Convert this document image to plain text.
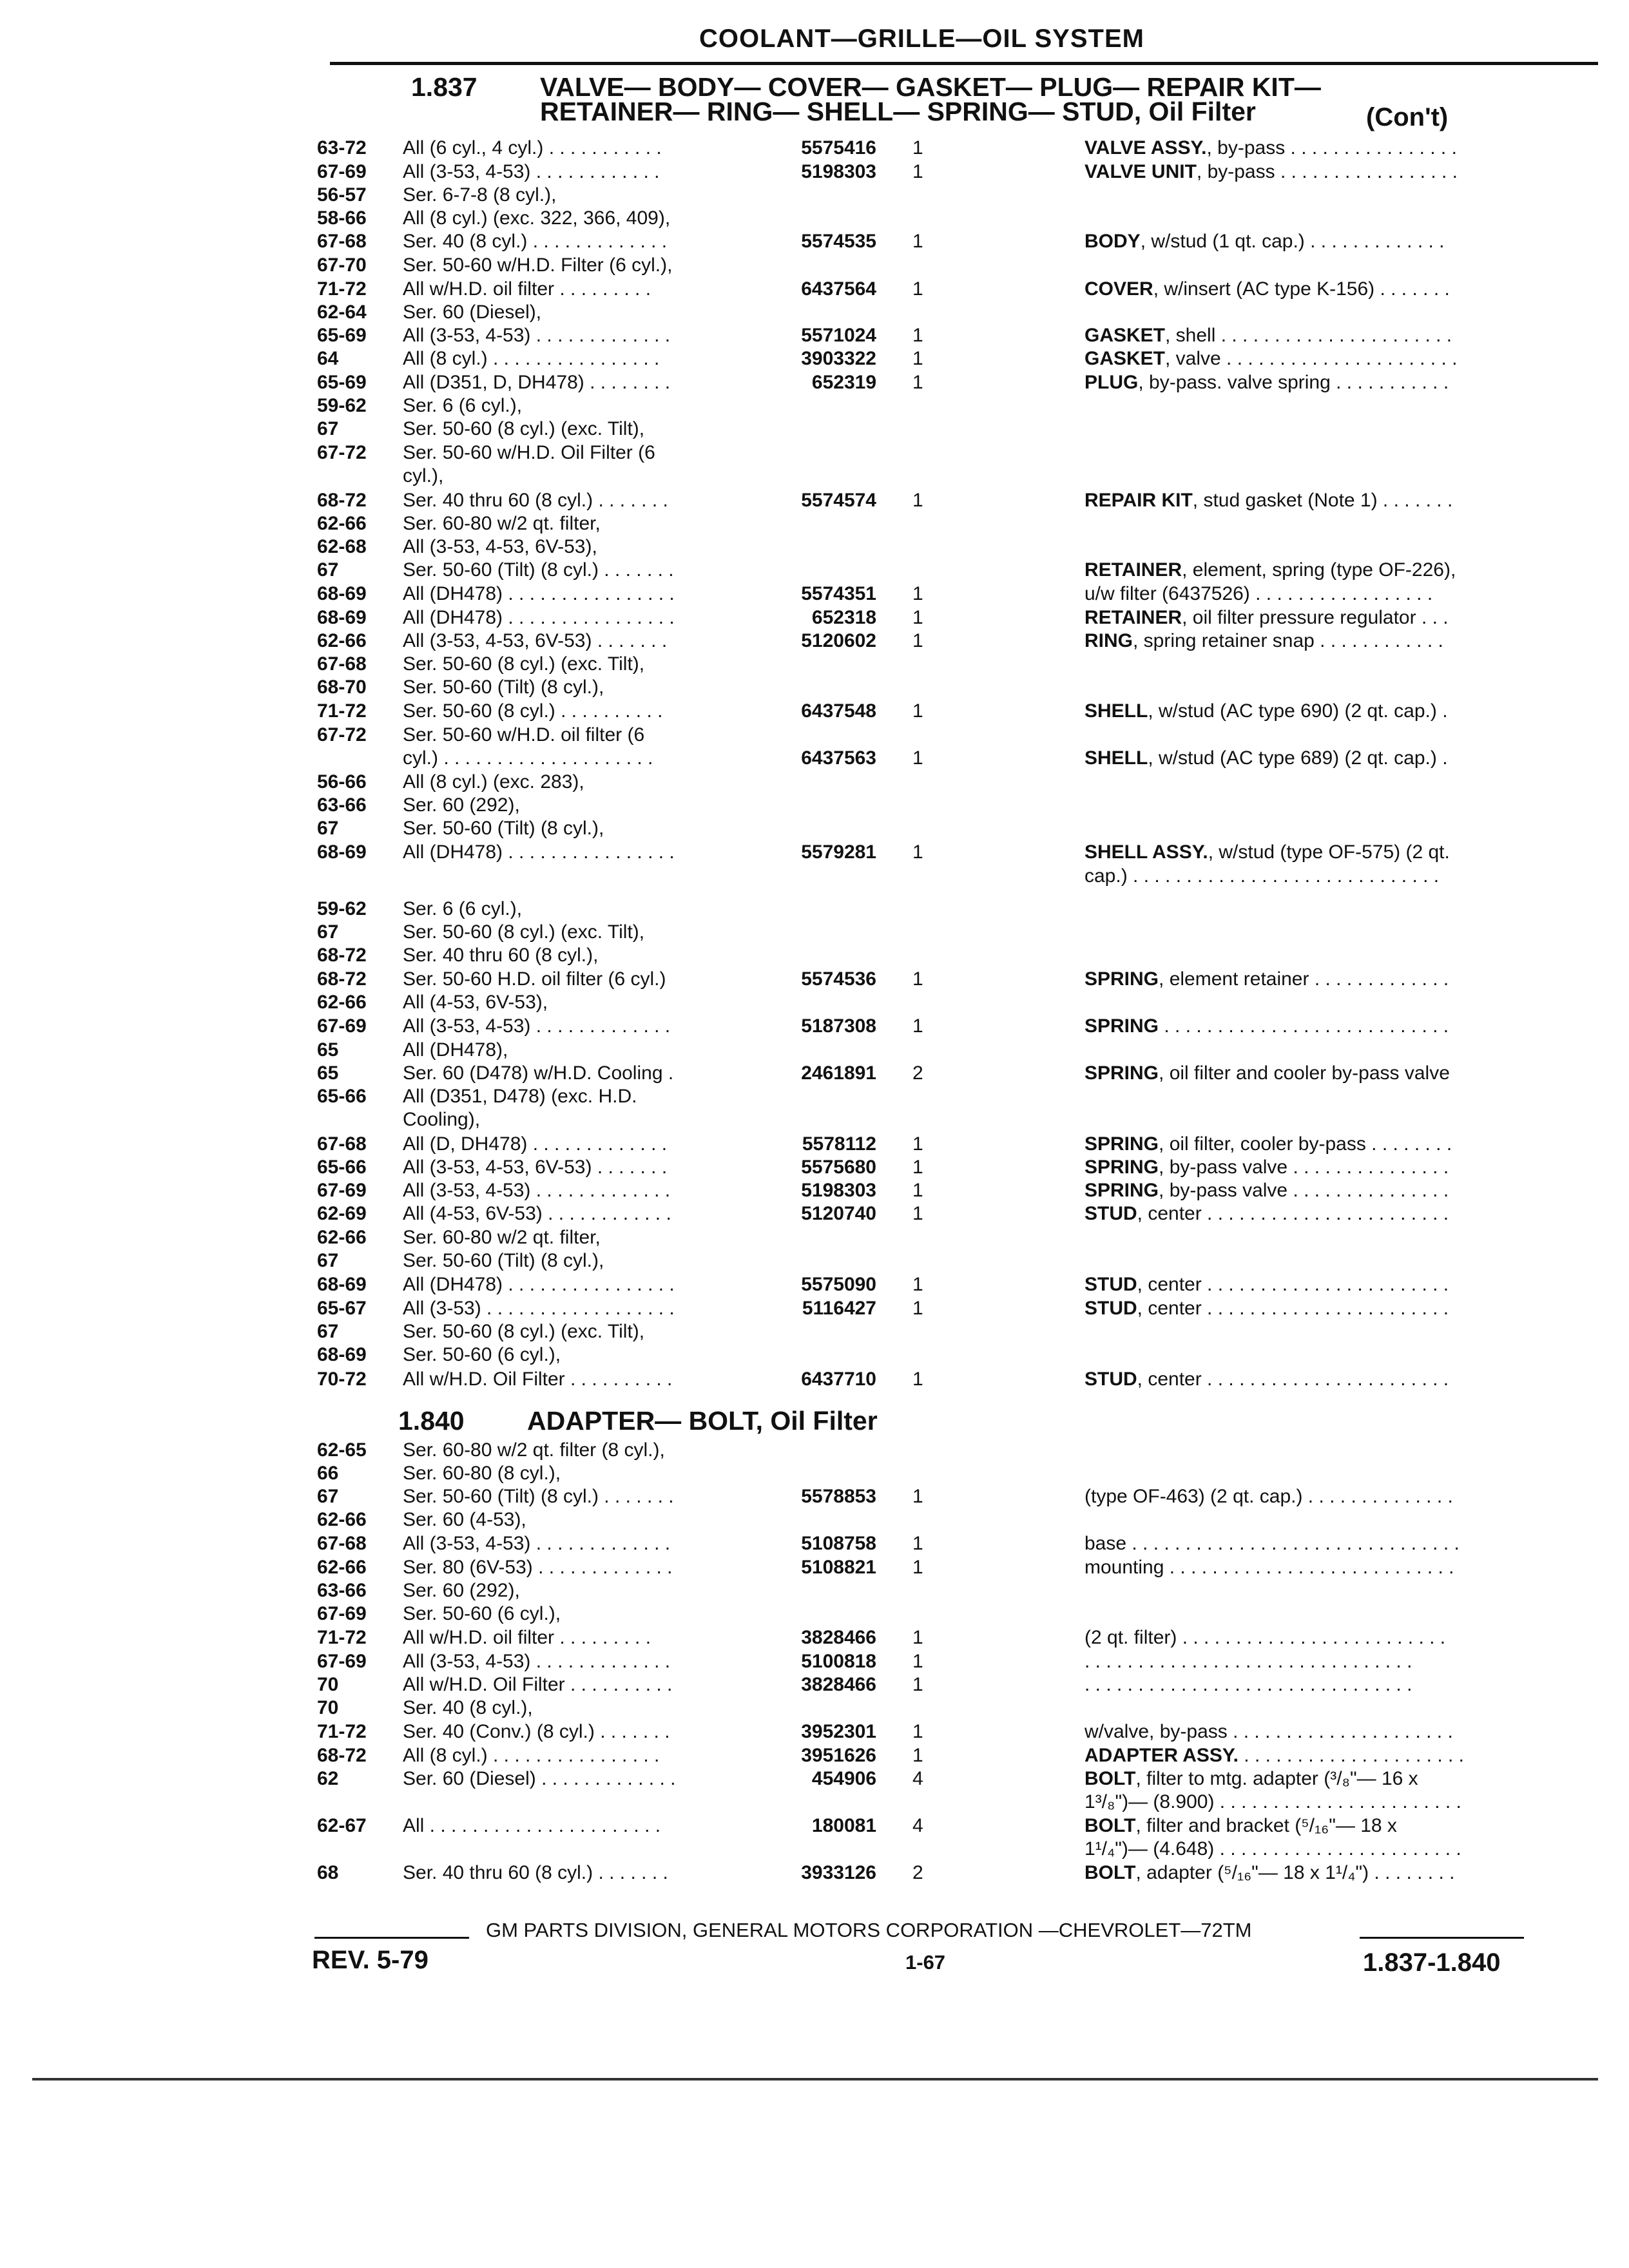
COOLANT—GRILLE—OIL SYSTEM
1.837 VALVE— BODY— COVER— GASKET— PLUG— REPAIR KIT—
RETAINER— RING— SHELL— SPRING— STUD, Oil Filter	(Con't)
63-72 All (6 cyl., 4 cyl.) . . . . . . . . . . .	5575416 1	VALVE ASSY., by-pass . . . . . . . . . . . . . . . .
67-69 All (3-53, 4-53) . . . . . . . . . . . .	5198303 1	VALVE UNIT, by-pass . . . . . . . . . . . . . . . . .
56-57 Ser. 6-7-8 (8 cyl.),
58-66 All (8 cyl.) (exc. 322, 366, 409),
67-68 Ser. 40 (8 cyl.) . . . . . . . . . . . . .	5574535 1	BODY, w/stud (1 qt. cap.) . . . . . . . . . . . . .
67-70 Ser. 50-60 w/H.D. Filter (6 cyl.),
71-72 All w/H.D. oil filter . . . . . . . . .	6437564 1	COVER, w/insert (AC type K-156) . . . . . . .
62-64 Ser. 60 (Diesel),
65-69 All (3-53, 4-53) . . . . . . . . . . . . .	5571024 1	GASKET, shell . . . . . . . . . . . . . . . . . . . . . .
64	All (8 cyl.) . . . . . . . . . . . . . . . .	3903322 1	GASKET, valve . . . . . . . . . . . . . . . . . . . . . .
65-69 All (D351, D, DH478) . . . . . . . .	652319 1	PLUG, by-pass. valve spring . . . . . . . . . . .
59-62 Ser. 6 (6 cyl.),
67	Ser. 50-60 (8 cyl.) (exc. Tilt),
67-72 Ser. 50-60 w/H.D. Oil Filter (6
cyl.),
68-72 Ser. 40 thru 60 (8 cyl.) . . . . . . .	5574574 1	REPAIR KIT, stud gasket (Note 1) . . . . . . .
62-66 Ser. 60-80 w/2 qt. filter,
62-68 All (3-53, 4-53, 6V-53),
67	Ser. 50-60 (Tilt) (8 cyl.) . . . . . . .	RETAINER, element, spring (type OF-226),
68-69 All (DH478) . . . . . . . . . . . . . . . .	5574351 1	u/w filter (6437526) . . . . . . . . . . . . . . . . .
68-69 All (DH478) . . . . . . . . . . . . . . . .	652318 1	RETAINER, oil filter pressure regulator . . .
62-66 All (3-53, 4-53, 6V-53) . . . . . . .	5120602 1	RING, spring retainer snap . . . . . . . . . . . .
67-68 Ser. 50-60 (8 cyl.) (exc. Tilt),
68-70 Ser. 50-60 (Tilt) (8 cyl.),
71-72 Ser. 50-60 (8 cyl.) . . . . . . . . . .	6437548 1	SHELL, w/stud (AC type 690) (2 qt. cap.) .
67-72 Ser. 50-60 w/H.D. oil filter (6
cyl.) . . . . . . . . . . . . . . . . . . . .	6437563 1	SHELL, w/stud (AC type 689) (2 qt. cap.) .
56-66 All (8 cyl.) (exc. 283),
63-66 Ser. 60 (292),
67	Ser. 50-60 (Tilt) (8 cyl.),
68-69 All (DH478) . . . . . . . . . . . . . . . .	5579281 1	SHELL ASSY., w/stud (type OF-575) (2 qt.
cap.) . . . . . . . . . . . . . . . . . . . . . . . . . . . . .
59-62 Ser. 6 (6 cyl.),
67	Ser. 50-60 (8 cyl.) (exc. Tilt),
68-72 Ser. 40 thru 60 (8 cyl.),
68-72 Ser. 50-60 H.D. oil filter (6 cyl.)	5574536 1	SPRING, element retainer . . . . . . . . . . . . .
62-66 All (4-53, 6V-53),
67-69 All (3-53, 4-53) . . . . . . . . . . . . .	5187308 1	SPRING . . . . . . . . . . . . . . . . . . . . . . . . . . .
65	All (DH478),
65	Ser. 60 (D478) w/H.D. Cooling .	2461891 2	SPRING, oil filter and cooler by-pass valve
65-66 All (D351, D478) (exc. H.D.
Cooling),
67-68 All (D, DH478) . . . . . . . . . . . . .	5578112 1	SPRING, oil filter, cooler by-pass . . . . . . . .
65-66 All (3-53, 4-53, 6V-53) . . . . . . .	5575680 1	SPRING, by-pass valve . . . . . . . . . . . . . . .
67-69 All (3-53, 4-53) . . . . . . . . . . . . .	5198303 1	SPRING, by-pass valve . . . . . . . . . . . . . . .
62-69 All (4-53, 6V-53) . . . . . . . . . . . .	5120740 1	STUD, center . . . . . . . . . . . . . . . . . . . . . . .
62-66 Ser. 60-80 w/2 qt. filter,
67	Ser. 50-60 (Tilt) (8 cyl.),
68-69 All (DH478) . . . . . . . . . . . . . . . .	5575090 1	STUD, center . . . . . . . . . . . . . . . . . . . . . . .
65-67 All (3-53) . . . . . . . . . . . . . . . . . .	5116427 1	STUD, center . . . . . . . . . . . . . . . . . . . . . . .
67	Ser. 50-60 (8 cyl.) (exc. Tilt),
68-69 Ser. 50-60 (6 cyl.),
70-72 All w/H.D. Oil Filter . . . . . . . . . .	6437710 1	STUD, center . . . . . . . . . . . . . . . . . . . . . . .
1.840 ADAPTER— BOLT, Oil Filter
62-65 Ser. 60-80 w/2 qt. filter (8 cyl.),
66	Ser. 60-80 (8 cyl.),
67	Ser. 50-60 (Tilt) (8 cyl.) . . . . . . .	5578853 1	(type OF-463) (2 qt. cap.) . . . . . . . . . . . . . .
62-66 Ser. 60 (4-53),
67-68 All (3-53, 4-53) . . . . . . . . . . . . .	5108758 1	base . . . . . . . . . . . . . . . . . . . . . . . . . . . . . . .
62-66 Ser. 80 (6V-53) . . . . . . . . . . . . .	5108821 1	mounting . . . . . . . . . . . . . . . . . . . . . . . . . . .
63-66 Ser. 60 (292),
67-69 Ser. 50-60 (6 cyl.),
71-72 All w/H.D. oil filter . . . . . . . . .	3828466 1	(2 qt. filter) . . . . . . . . . . . . . . . . . . . . . . . . .
67-69 All (3-53, 4-53) . . . . . . . . . . . . .	5100818 1	. . . . . . . . . . . . . . . . . . . . . . . . . . . . . . .
70	All w/H.D. Oil Filter . . . . . . . . . .	3828466 1	. . . . . . . . . . . . . . . . . . . . . . . . . . . . . . .
70	Ser. 40 (8 cyl.),
71-72 Ser. 40 (Conv.) (8 cyl.) . . . . . . .	3952301 1	w/valve, by-pass . . . . . . . . . . . . . . . . . . . . .
68-72 All (8 cyl.) . . . . . . . . . . . . . . . .	3951626 1	ADAPTER ASSY. . . . . . . . . . . . . . . . . . . . . .
62	Ser. 60 (Diesel) . . . . . . . . . . . . .	454906 4	BOLT, filter to mtg. adapter (³/₈"— 16 x
1³/₈")— (8.900) . . . . . . . . . . . . . . . . . . . . . . .
62-67 All . . . . . . . . . . . . . . . . . . . . . .	180081 4	BOLT, filter and bracket (⁵/₁₆"— 18 x
1¹/₄")— (4.648) . . . . . . . . . . . . . . . . . . . . . . .
68	Ser. 40 thru 60 (8 cyl.) . . . . . . .	3933126 2	BOLT, adapter (⁵/₁₆"— 18 x 1¹/₄") . . . . . . . .
GM PARTS DIVISION, GENERAL MOTORS CORPORATION —CHEVROLET—72TM
REV. 5-79	1-67	1.837-1.840
